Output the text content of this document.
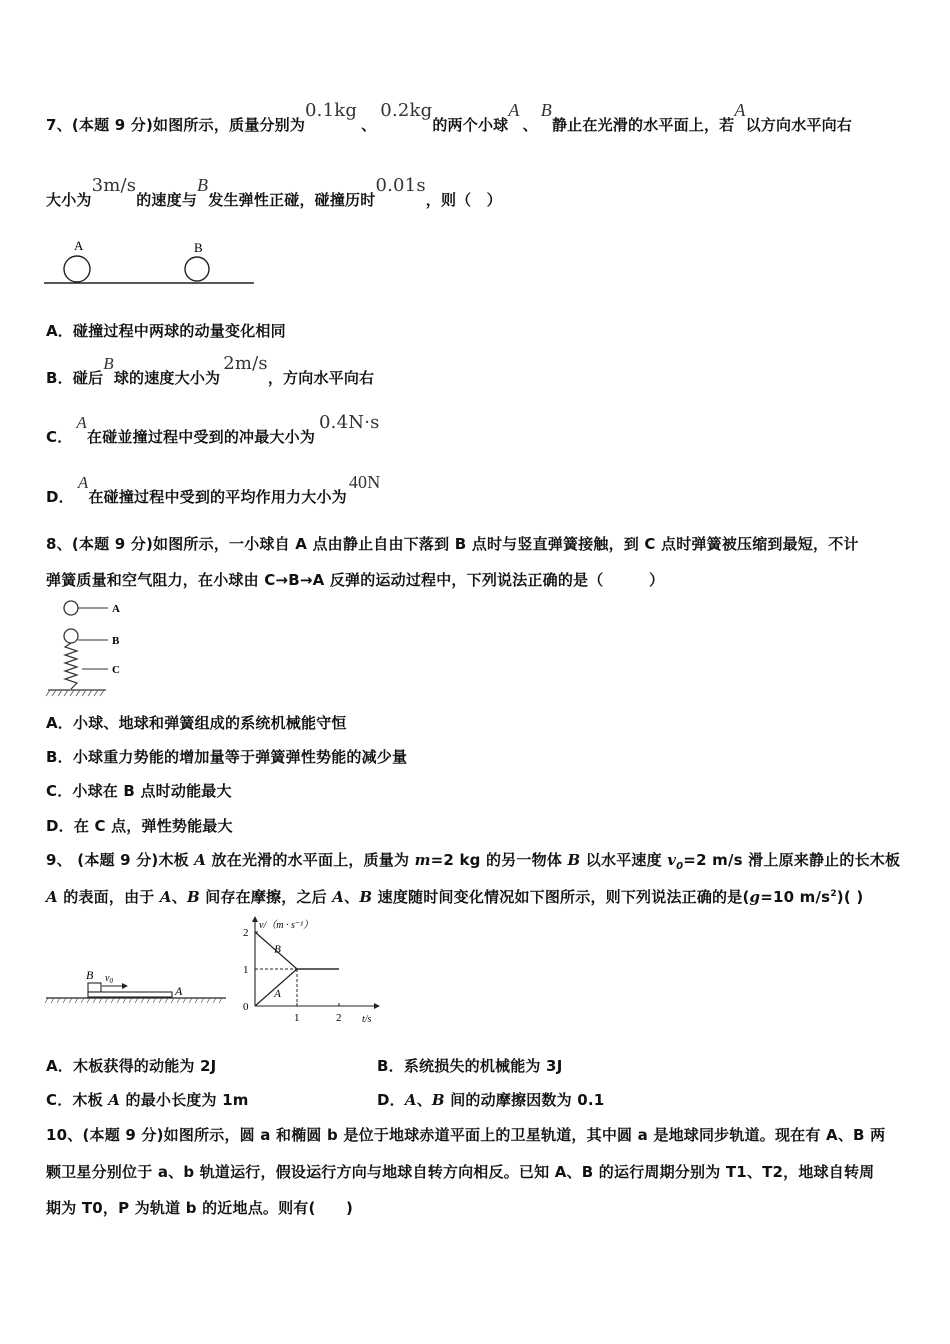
7、(本题 9 分)如图所示，质量分别为0.1kg、0.2kg的两个小球A、B静止在光滑的水平面上，若A以方向水平向右
大小为3m/s的速度与B发生弹性正碰，碰撞历时0.01s，则（　）
A	B
A．碰撞过程中两球的动量变化相同
B．碰后B球的速度大小为2m/s，方向水平向右
C．A在碰並撞过程中受到的冲最大小为0.4N·s
D．A在碰撞过程中受到的平均作用力大小为40N
8、(本题 9 分)如图所示，一小球自 A 点由静止自由下落到 B 点时与竖直弹簧接触，到 C 点时弹簧被压缩到最短，不计
弹簧质量和空气阻力，在小球由 C→B→A 反弹的运动过程中，下列说法正确的是（　　　）
A
B
C
A．小球、地球和弹簧组成的系统机械能守恒
B．小球重力势能的增加量等于弹簧弹性势能的减少量
C．小球在 B 点时动能最大
D．在 C 点，弹性势能最大
9、 (本题 9 分)木板 A 放在光滑的水平面上，质量为 m=2 kg 的另一物体 B 以水平速度 $v_0=2$ m/s 滑上原来静止的长木板
A 的表面，由于 A、B 间存在摩擦，之后 A、B 速度随时间变化情况如下图所示，则下列说法正确的是(g=10 $m/s^2$)( )
B $v_0$
A
v/（m · s⁻¹）
t/s
0
1
2
1	2
B
A
A．木板获得的动能为 2J	B．系统损失的机械能为 3J
C．木板 A 的最小长度为 1m	D．A、B 间的动摩擦因数为 0.1
10、(本题 9 分)如图所示，圆 a 和椭圆 b 是位于地球赤道平面上的卫星轨道，其中圆 a 是地球同步轨道。现在有 A、B 两
颗卫星分别位于 a、b 轨道运行，假设运行方向与地球自转方向相反。已知 A、B 的运行周期分别为 T1、T2，地球自转周
期为 T0，P 为轨道 b 的近地点。则有(　　)
